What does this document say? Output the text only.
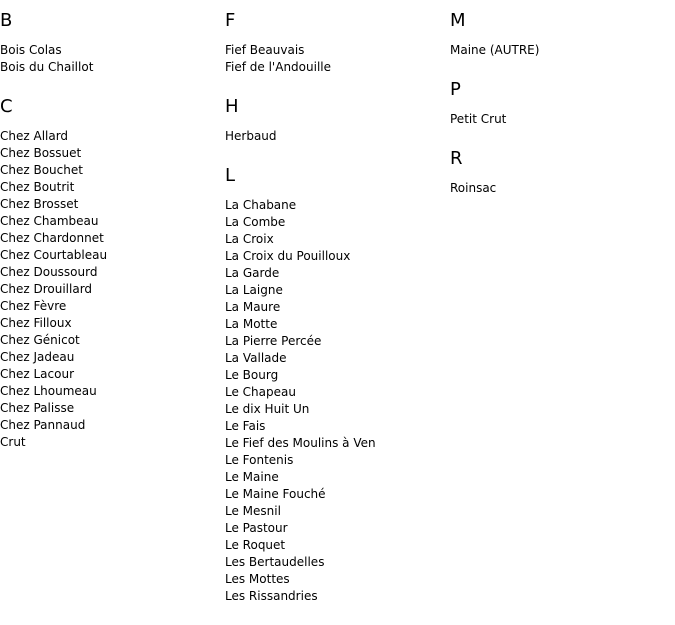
B
Bois Colas
Bois du Chaillot
C
Chez Allard
Chez Bossuet
Chez Bouchet
Chez Boutrit
Chez Brosset
Chez Chambeau
Chez Chardonnet
Chez Courtableau
Chez Doussourd
Chez Drouillard
Chez Fèvre
Chez Filloux
Chez Génicot
Chez Jadeau
Chez Lacour
Chez Lhoumeau
Chez Palisse
Chez Pannaud
Crut
F
Fief Beauvais
Fief de l'Andouille
H
Herbaud
L
La Chabane
La Combe
La Croix
La Croix du Pouilloux
La Garde
La Laigne
La Maure
La Motte
La Pierre Percée
La Vallade
Le Bourg
Le Chapeau
Le dix Huit Un
Le Fais
Le Fief des Moulins à Ven
Le Fontenis
Le Maine
Le Maine Fouché
Le Mesnil
Le Pastour
Le Roquet
Les Bertaudelles
Les Mottes
Les Rissandries
M
Maine (AUTRE)
P
Petit Crut
R
Roinsac
